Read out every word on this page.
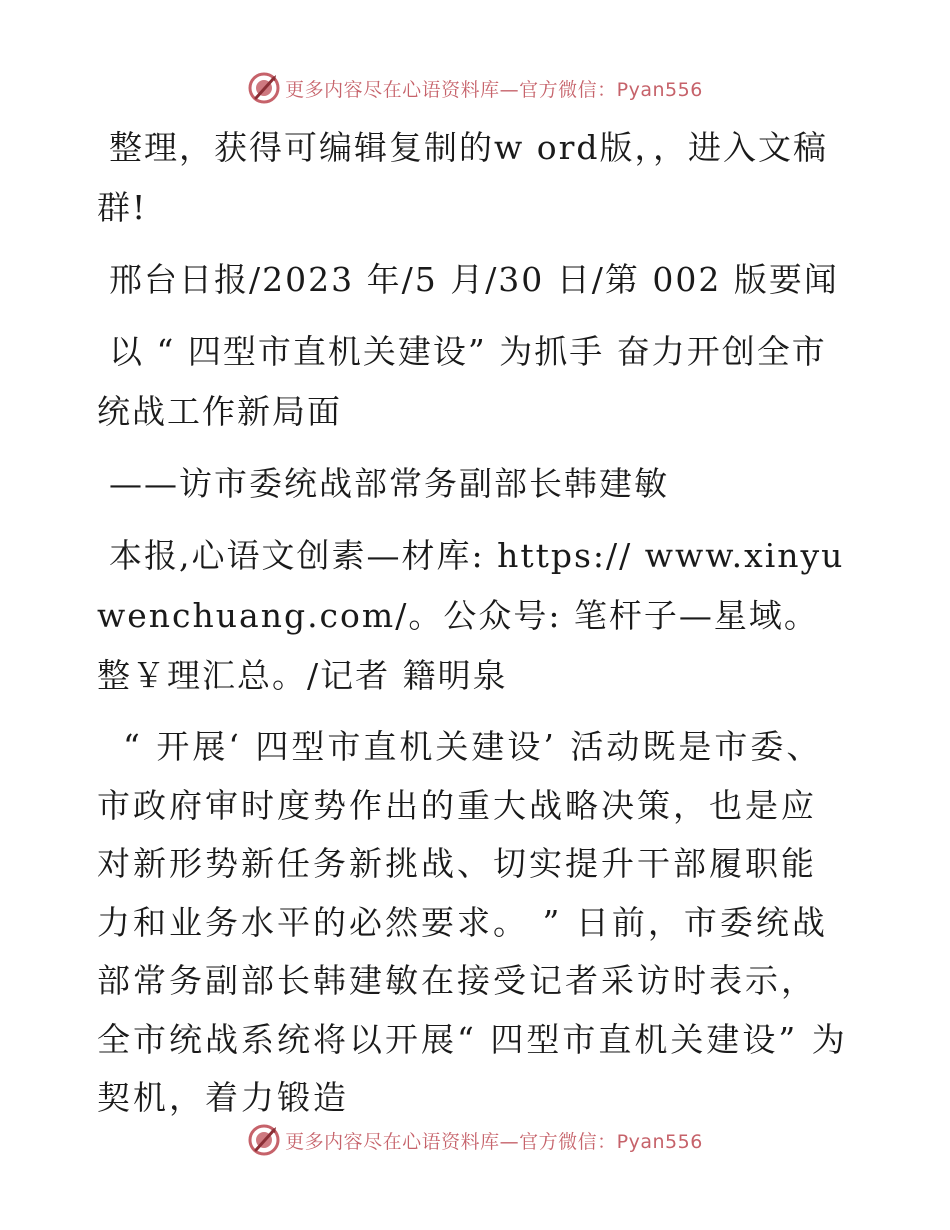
更多内容尽在心语资料库—官方微信：Pyan556

整理，获得可编辑复制的w ord版，，进入文稿群!

邢台日报/2023 年/5 月/30 日/第 002 版要闻

以 “ 四型市直机关建设” 为抓手 奋力开创全市统战工作新局面

——访市委统战部常务副部长韩建敏

本报,心语文创素—材库: https:// www.xinyuwenchuang.com/。公众号: 笔杆子—星域。整￥理汇总。/记者 籍明泉

“ 开展‘ 四型市直机关建设’ 活动既是市委、市政府审时度势作出的重大战略决策，也是应对新形势新任务新挑战、切实提升干部履职能力和业务水平的必然要求。 ” 日前，市委统战部常务副部长韩建敏在接受记者采访时表示，全市统战系统将以开展“ 四型市直机关建设” 为契机，着力锻造

更多内容尽在心语资料库—官方微信：Pyan556
